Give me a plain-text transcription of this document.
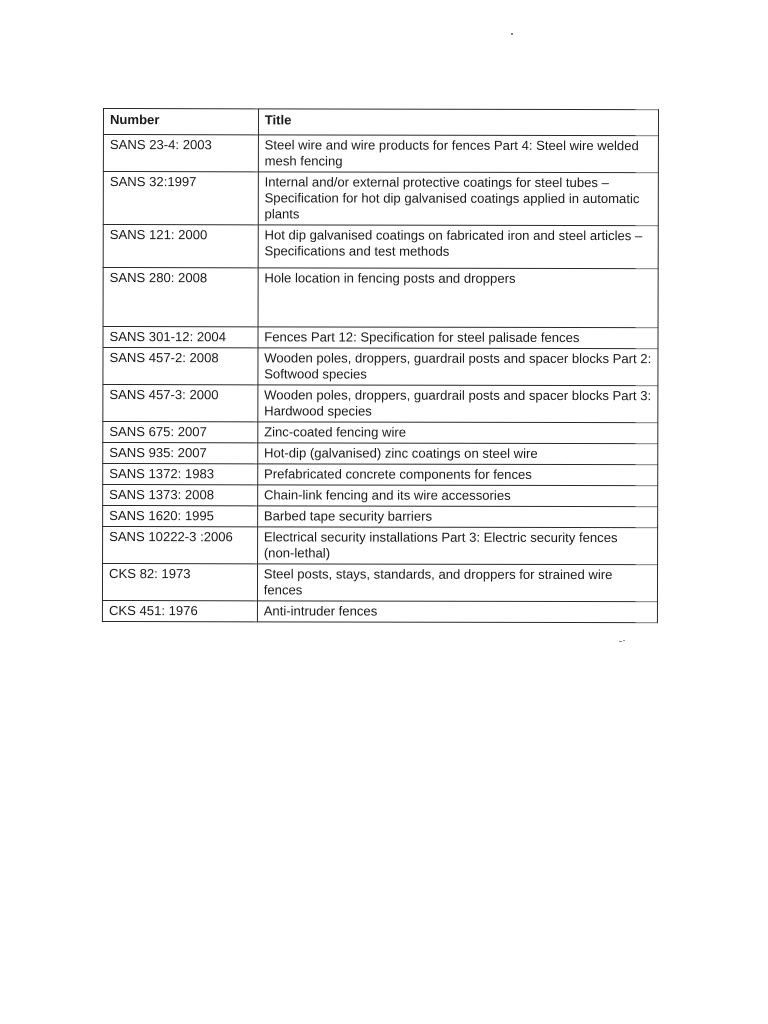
Number	Title
SANS 23-4: 2003	Steel wire and wire products for fences Part 4: Steel wire welded mesh fencing
SANS 32:1997	Internal and/or external protective coatings for steel tubes – Specification for hot dip galvanised coatings applied in automatic plants
SANS 121: 2000	Hot dip galvanised coatings on fabricated iron and steel articles – Specifications and test methods
SANS 280: 2008	Hole location in fencing posts and droppers
SANS 301-12: 2004	Fences Part 12: Specification for steel palisade fences
SANS 457-2: 2008	Wooden poles, droppers, guardrail posts and spacer blocks Part 2: Softwood species
SANS 457-3: 2000	Wooden poles, droppers, guardrail posts and spacer blocks Part 3: Hardwood species
SANS 675: 2007	Zinc-coated fencing wire
SANS 935: 2007	Hot-dip (galvanised) zinc coatings on steel wire
SANS 1372: 1983	Prefabricated concrete components for fences
SANS 1373: 2008	Chain-link fencing and its wire accessories
SANS 1620: 1995	Barbed tape security barriers
SANS 10222-3 :2006	Electrical security installations Part 3: Electric security fences (non-lethal)
CKS 82: 1973	Steel posts, stays, standards, and droppers for strained wire fences
CKS 451: 1976	Anti-intruder fences
